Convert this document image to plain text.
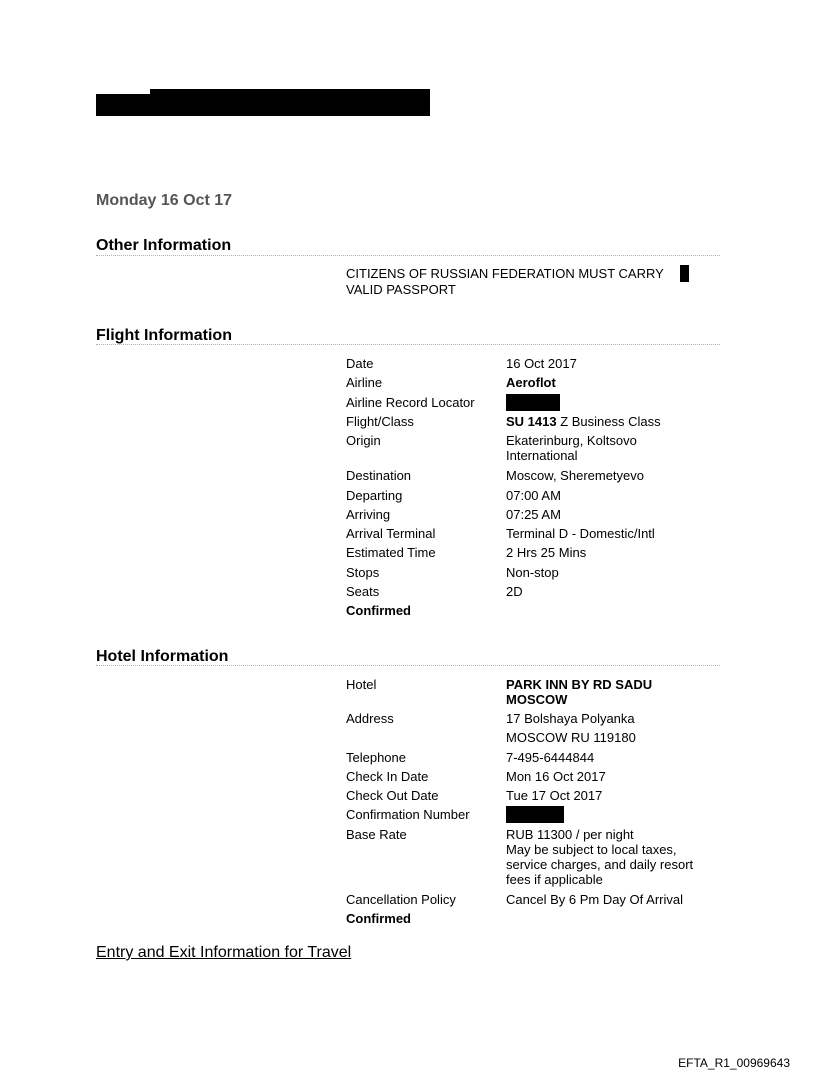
Monday 16 Oct 17
Other Information
CITIZENS OF RUSSIAN FEDERATION MUST CARRY
VALID PASSPORT
Flight Information
Date	16 Oct 2017
Airline	Aeroflot
Airline Record Locator
Flight/Class	SU 1413 Z Business Class
Origin	Ekaterinburg, Koltsovo International
Destination	Moscow, Sheremetyevo
Departing	07:00 AM
Arriving	07:25 AM
Arrival Terminal	Terminal D - Domestic/Intl
Estimated Time	2 Hrs 25 Mins
Stops	Non-stop
Seats	2D
Confirmed
Hotel Information
Hotel	PARK INN BY RD SADU MOSCOW
Address	17 Bolshaya Polyanka
MOSCOW RU 119180
Telephone	7-495-6444844
Check In Date	Mon 16 Oct 2017
Check Out Date	Tue 17 Oct 2017
Confirmation Number
Base Rate	RUB 11300 / per night
May be subject to local taxes, service charges, and daily resort fees if applicable
Cancellation Policy	Cancel By 6 Pm Day Of Arrival
Confirmed
Entry and Exit Information for Travel
EFTA_R1_00969643
